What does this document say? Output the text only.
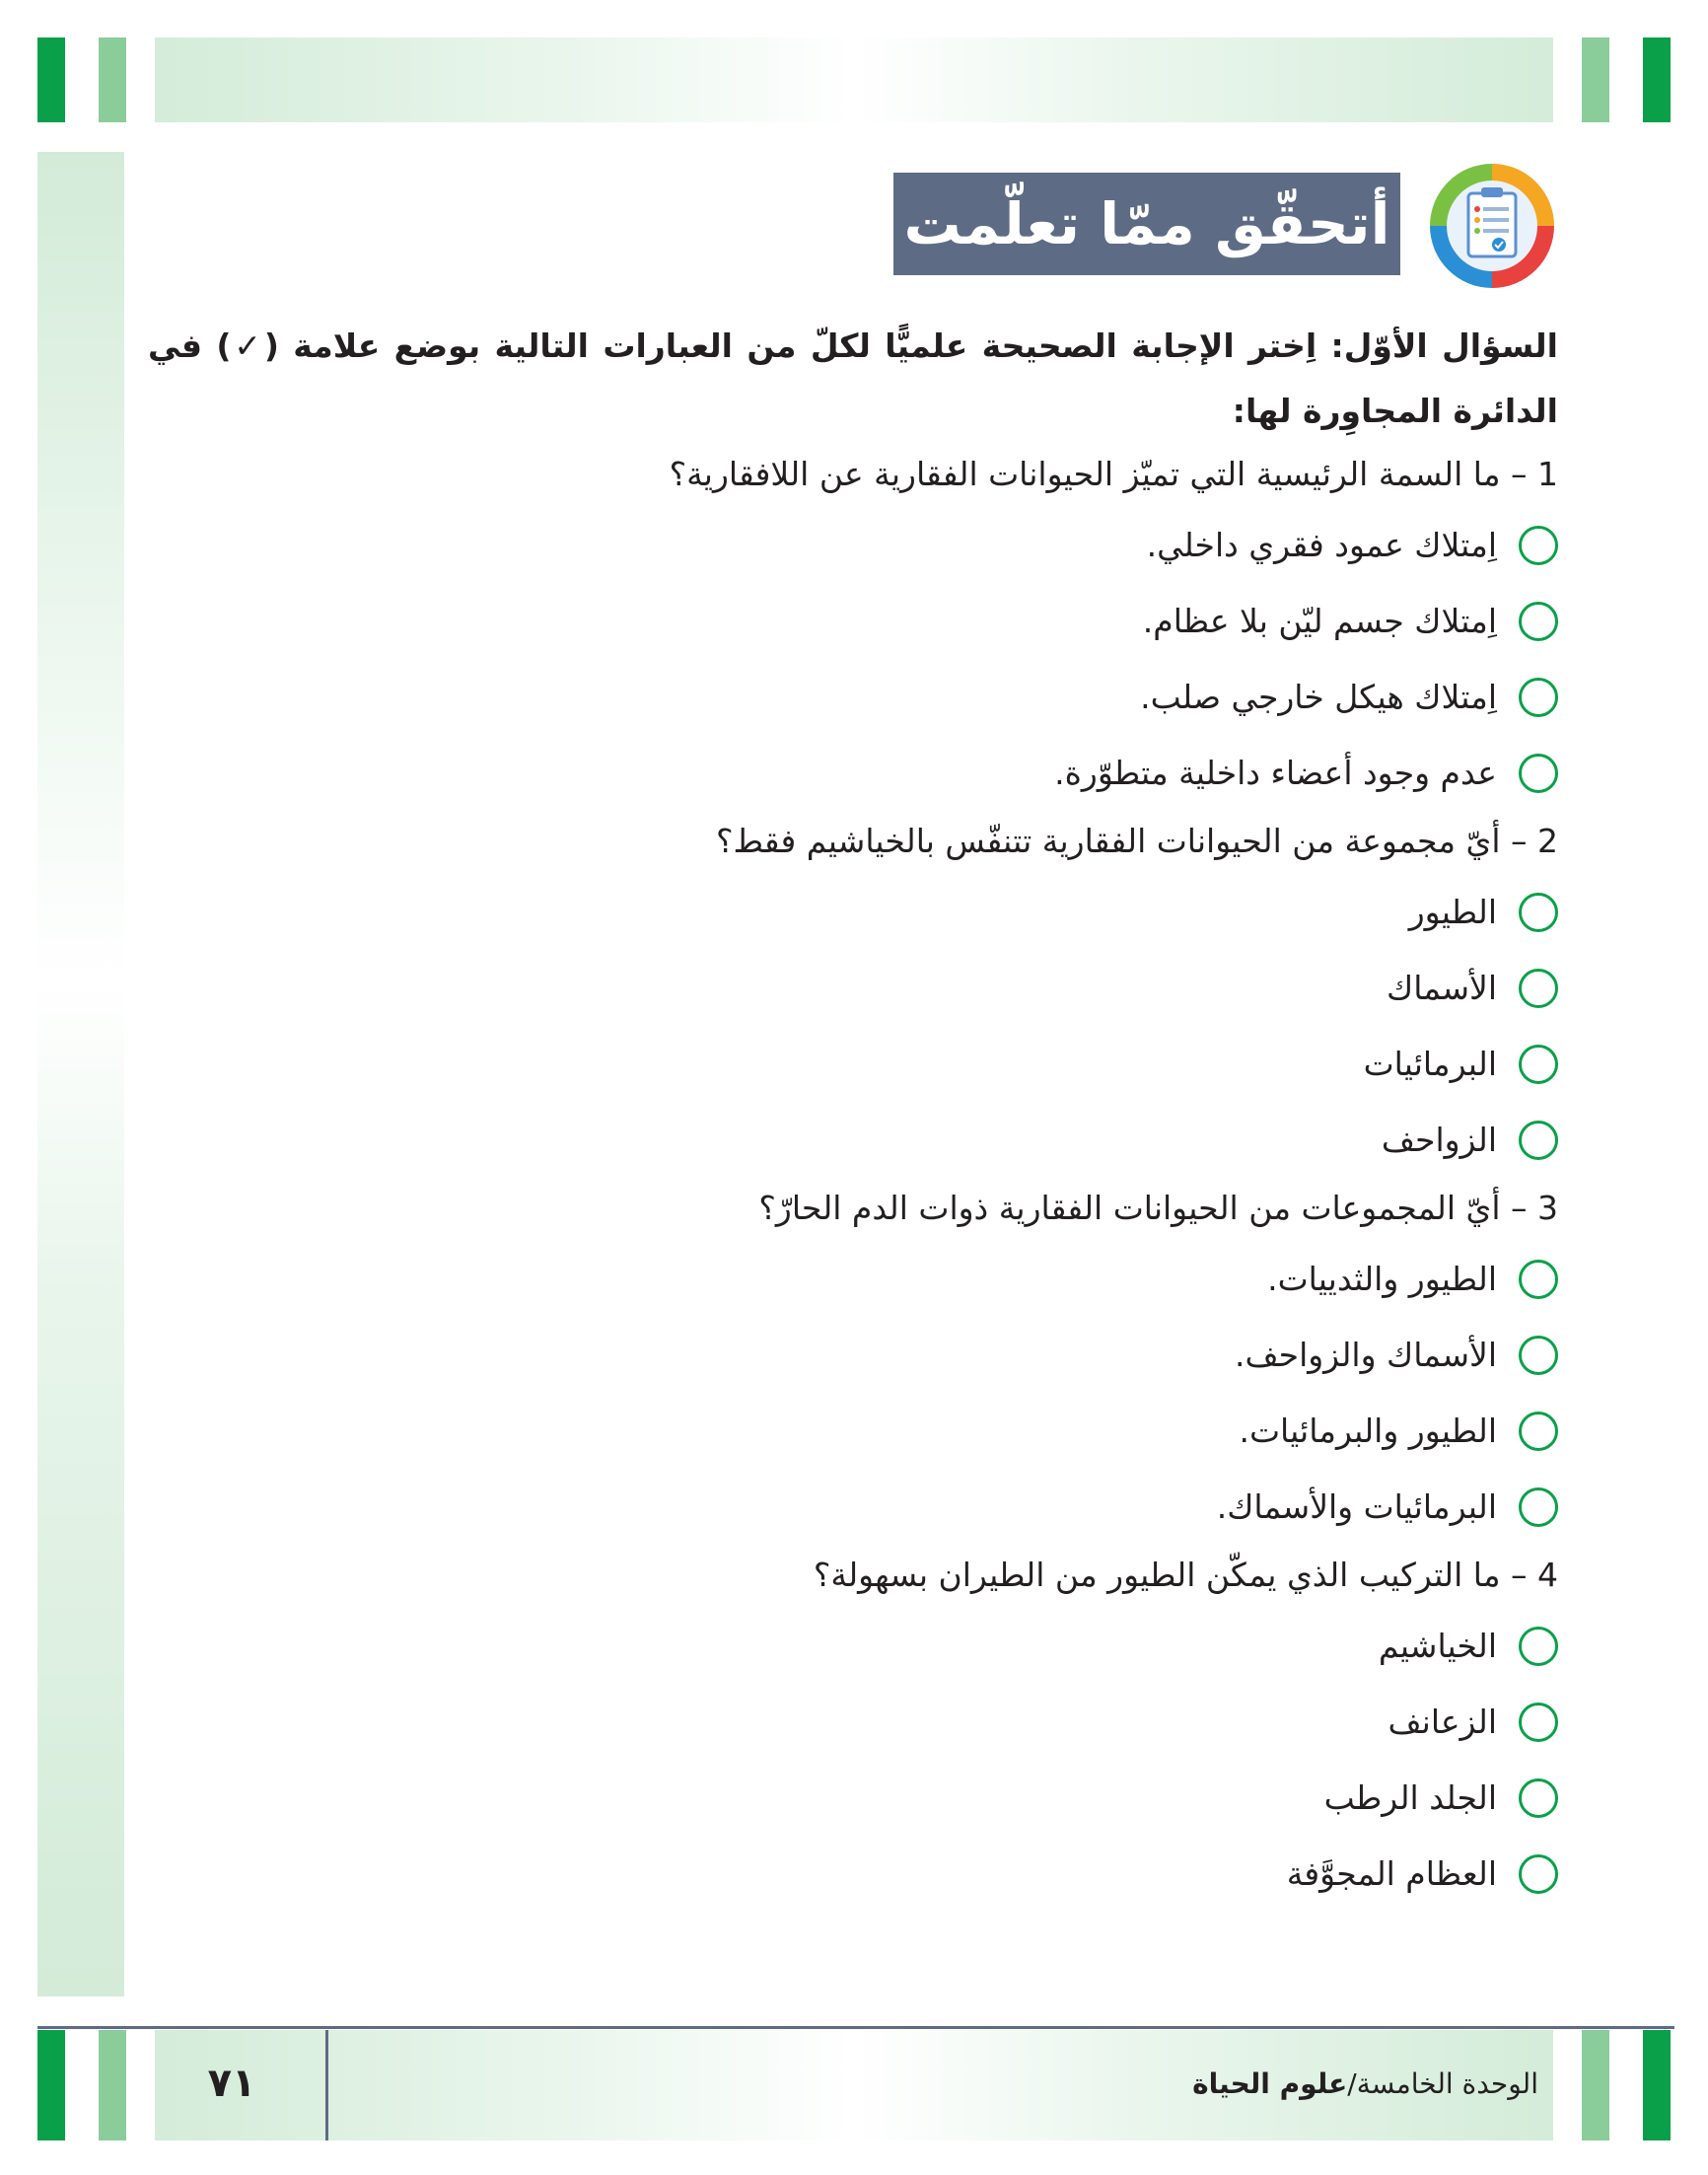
أتحقّق ممّا تعلّمت

السؤال الأوّل: اِختر الإجابة الصحيحة علميًّا لكلّ من العبارات التالية بوضع علامة (✓) في الدائرة المجاوِرة لها:

1 – ما السمة الرئيسية التي تميّز الحيوانات الفقارية عن اللافقارية؟
اِمتلاك عمود فقري داخلي.
اِمتلاك جسم ليّن بلا عظام.
اِمتلاك هيكل خارجي صلب.
عدم وجود أعضاء داخلية متطوّرة.
2 – أيّ مجموعة من الحيوانات الفقارية تتنفّس بالخياشيم فقط؟
الطيور
الأسماك
البرمائيات
الزواحف
3 – أيّ المجموعات من الحيوانات الفقارية ذوات الدم الحارّ؟
الطيور والثدييات.
الأسماك والزواحف.
الطيور والبرمائيات.
البرمائيات والأسماك.
4 – ما التركيب الذي يمكّن الطيور من الطيران بسهولة؟
الخياشيم
الزعانف
الجلد الرطب
العظام المجوَّفة
٧١	الوحدة الخامسة/علوم الحياة
